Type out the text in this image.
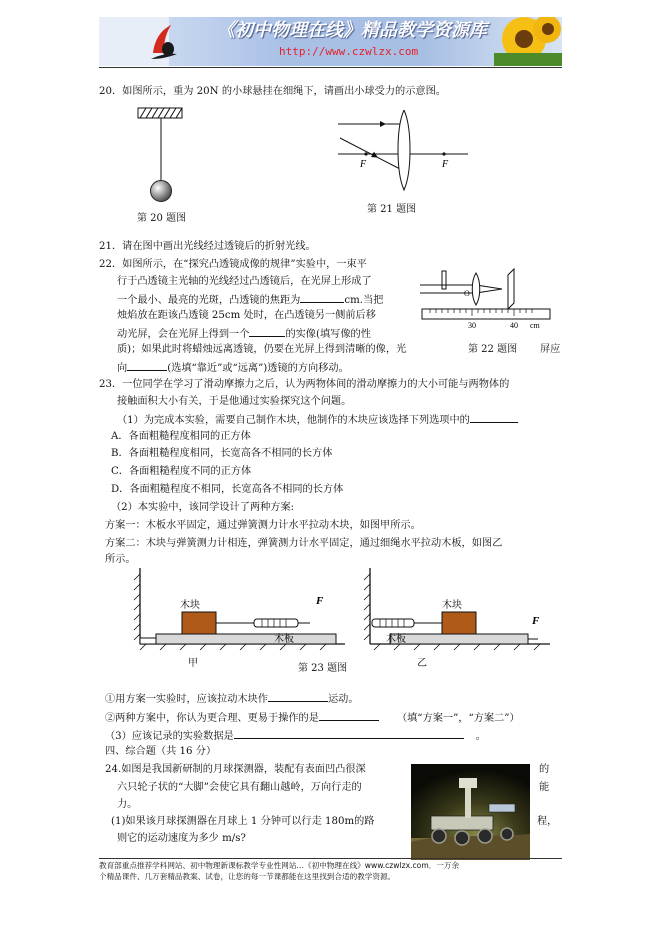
《初中物理在线》精品教学资源库
http://www.czwlzx.com
20．如图所示，重为 20N 的小球悬挂在细绳下，请画出小球受力的示意图。
第 20 题图
F	F
第 21 题图
21．请在图中画出光线经过透镜后的折射光线。
22．如图所示，在“探究凸透镜成像的规律”实验中，一束平
行于凸透镜主光轴的光线经过凸透镜后，在光屏上形成了
一个最小、最亮的光斑，凸透镜的焦距为	cm.当把
烛焰放在距该凸透镜 25cm 处时，在凸透镜另一侧前后移
动光屏，会在光屏上得到一个	的实像(填写像的性
质)；如果此时将蜡烛远离透镜，仍要在光屏上得到清晰的像，光	屏应
向	(选填“靠近”或“远离”)透镜的方向移动。
O
30	40 cm
第 22 题图
23．一位同学在学习了滑动摩擦力之后，认为两物体间的滑动摩擦力的大小可能与两物体的
接触面积大小有关，于是他通过实验探究这个问题。
（1）为完成本实验，需要自己制作木块，他制作的木块应该选择下列选项中的
A．各面粗糙程度相同的正方体
B．各面粗糙程度相同，长宽高各不相同的长方体
C．各面粗糙程度不同的正方体
D．各面粗糙程度不相同，长宽高各不相同的长方体
（2）本实验中，该同学设计了两种方案:
方案一：木板水平固定，通过弹簧测力计水平拉动木块，如图甲所示。
方案二：木块与弹簧测力计相连，弹簧测力计水平固定，通过细绳水平拉动木板，如图乙
所示。
木块
木板
F
甲	第 23 题图
木块
木板
F
乙
①用方案一实验时，应该拉动木块作	运动。
②两种方案中，你认为更合理、更易于操作的是	（填“方案一”，“方案二”）
（3）应该记录的实验数据是	。
四、综合题（共 16 分）
24.如图是我国新研制的月球探测器，装配有表面凹凸很深
六只轮子状的“大脚”会使它具有翻山越岭，万向行走的
力。
的
能
(1)如果该月球探测器在月球上 1 分钟可以行走 180m的路
则它的运动速度为多少 m/s?
程，
教育部重点推荐学科网站、初中物理新课标教学专业性网站…《初中物理在线》www.czwlzx.com．一万余
个精品课件、几万套精品教案、试卷，让您的每一节课都能在这里找到合适的教学资源。
